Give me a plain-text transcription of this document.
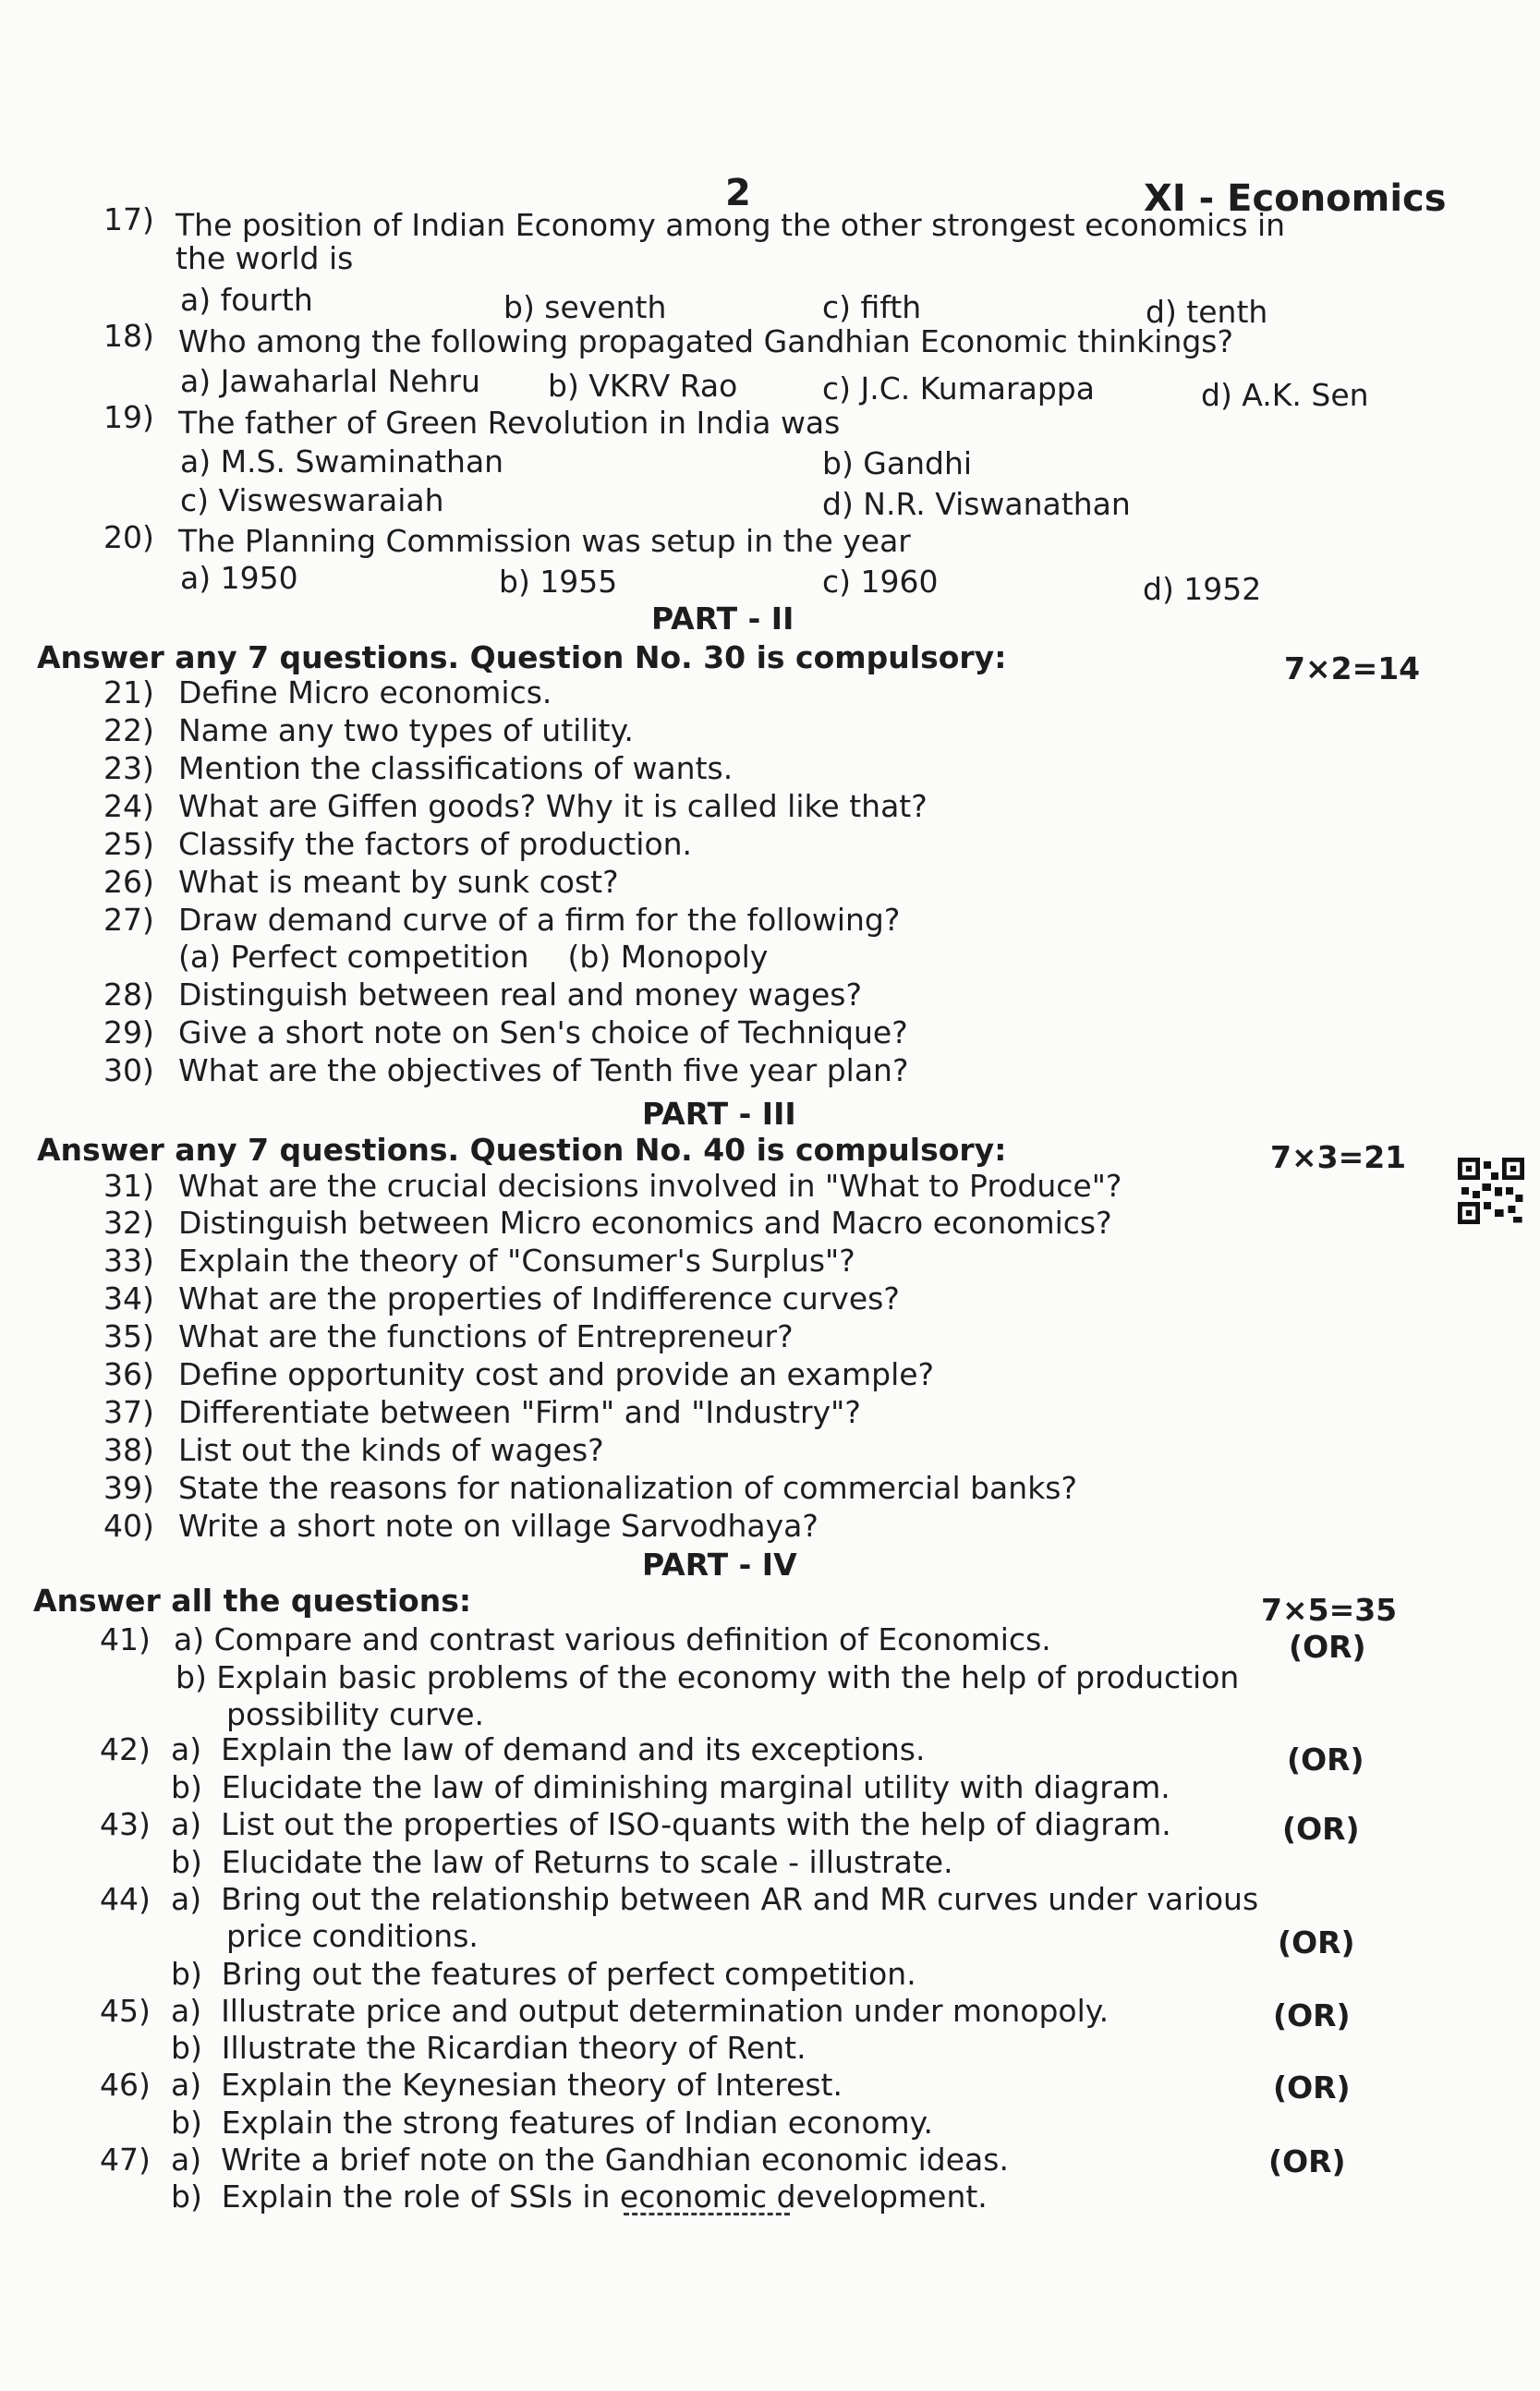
2	XI - Economics
17) The position of Indian Economy among the other strongest economics in
the world is
a) fourth	b) seventh	c) fifth	d) tenth
18) Who among the following propagated Gandhian Economic thinkings?
a) Jawaharlal Nehru b) VKRV Rao	c) J.C. Kumarappa	d) A.K. Sen
19) The father of Green Revolution in India was
a) M.S. Swaminathan	b) Gandhi
c) Visweswaraiah	d) N.R. Viswanathan
20) The Planning Commission was setup in the year
a) 1950	b) 1955	c) 1960	d) 1952
PART - II
Answer any 7 questions. Question No. 30 is compulsory:	7×2=14
21) Define Micro economics.
22) Name any two types of utility.
23) Mention the classifications of wants.
24) What are Giffen goods? Why it is called like that?
25) Classify the factors of production.
26) What is meant by sunk cost?
27) Draw demand curve of a firm for the following?
(a) Perfect competition    (b) Monopoly
28) Distinguish between real and money wages?
29) Give a short note on Sen's choice of Technique?
30) What are the objectives of Tenth five year plan?
PART - III
Answer any 7 questions. Question No. 40 is compulsory:	7×3=21
31) What are the crucial decisions involved in "What to Produce"?
32) Distinguish between Micro economics and Macro economics?
33) Explain the theory of "Consumer's Surplus"?
34) What are the properties of Indifference curves?
35) What are the functions of Entrepreneur?
36) Define opportunity cost and provide an example?
37) Differentiate between "Firm" and "Industry"?
38) List out the kinds of wages?
39) State the reasons for nationalization of commercial banks?
40) Write a short note on village Sarvodhaya?
PART - IV
Answer all the questions:	7×5=35
41) a) Compare and contrast various definition of Economics.	(OR)
b) Explain basic problems of the economy with the help of production
possibility curve.
42) a)  Explain the law of demand and its exceptions.	(OR)
b)  Elucidate the law of diminishing marginal utility with diagram.
43) a)  List out the properties of ISO-quants with the help of diagram.	(OR)
b)  Elucidate the law of Returns to scale - illustrate.
44) a)  Bring out the relationship between AR and MR curves under various
price conditions.	(OR)
b)  Bring out the features of perfect competition.
45) a)  Illustrate price and output determination under monopoly.	(OR)
b)  Illustrate the Ricardian theory of Rent.
46) a)  Explain the Keynesian theory of Interest.	(OR)
b)  Explain the strong features of Indian economy.
47) a)  Write a brief note on the Gandhian economic ideas.	(OR)
b)  Explain the role of SSIs in economic development.
